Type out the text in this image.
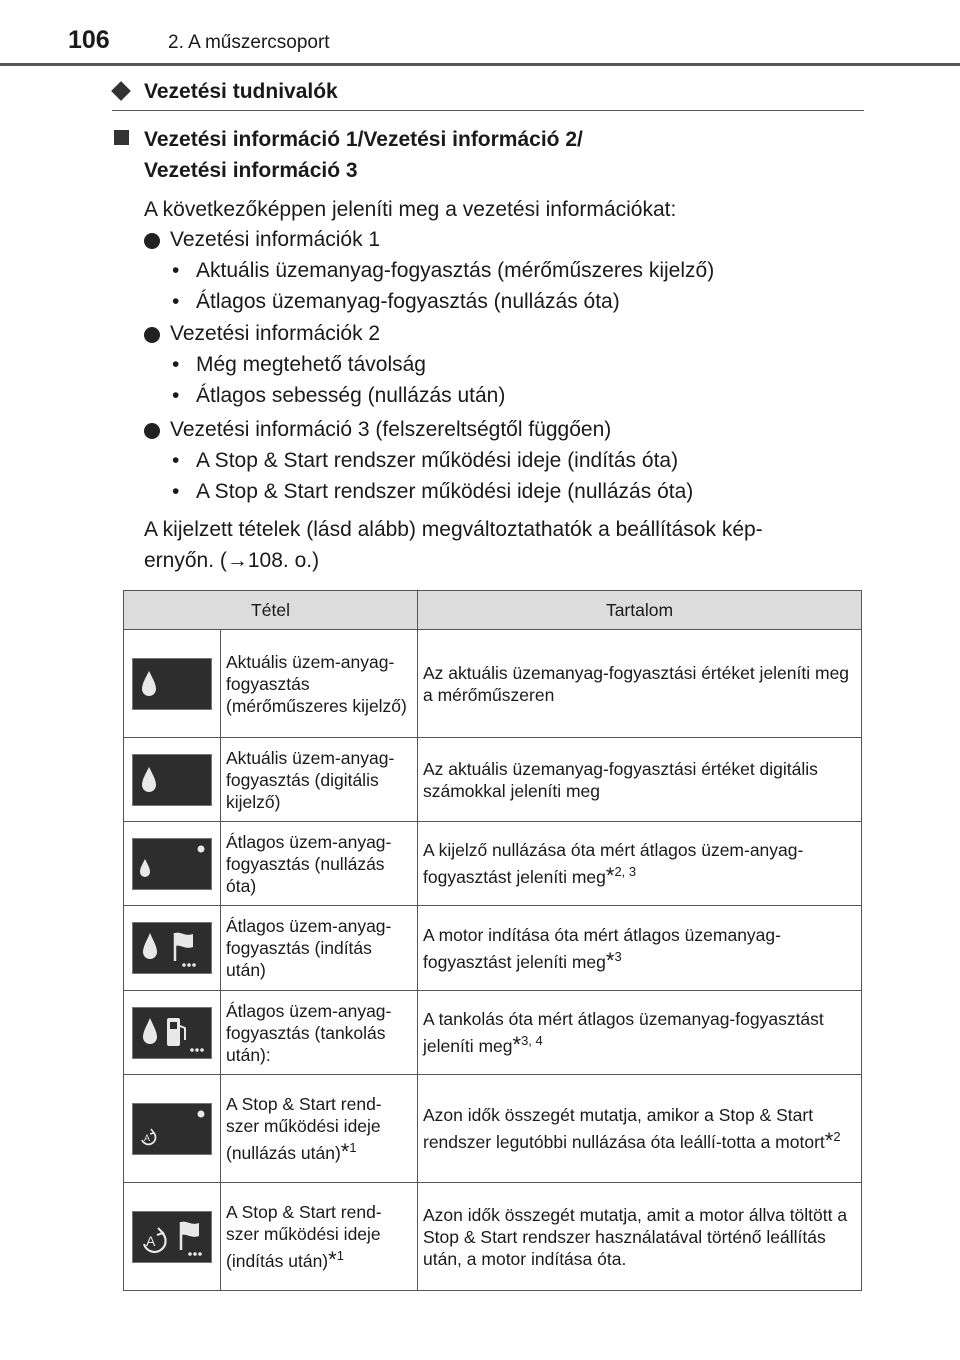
106	2. A műszercsoport
Vezetési tudnivalók
Vezetési információ 1/Vezetési információ 2/
Vezetési információ 3
A következőképpen jeleníti meg a vezetési információkat:
Vezetési információk 1
• Aktuális üzemanyag-fogyasztás (mérőműszeres kijelző)
• Átlagos üzemanyag-fogyasztás (nullázás óta)
Vezetési információk 2
• Még megtehető távolság
• Átlagos sebesség (nullázás után)
Vezetési információ 3 (felszereltségtől függően)
• A Stop & Start rendszer működési ideje (indítás óta)
• A Stop & Start rendszer működési ideje (nullázás óta)
A kijelzett tételek (lásd alább) megváltoztathatók a beállítások kép-
ernyőn. (→108. o.)
Tétel		Tartalom

	Aktuális üzem-anyag-fogyasztás (mérőműszeres kijelző)	Az aktuális üzemanyag-fogyasztási értéket jeleníti meg a mérőműszeren

	Aktuális üzem-anyag-fogyasztás (digitális kijelző)	Az aktuális üzemanyag-fogyasztási értéket digitális számokkal jeleníti meg

	Átlagos üzem-anyag-fogyasztás (nullázás óta)	A kijelző nullázása óta mért átlagos üzem-anyag-fogyasztást jeleníti meg*$^{2, 3}$

	Átlagos üzem-anyag-fogyasztás (indítás után)	A motor indítása óta mért átlagos üzemanyag-fogyasztást jeleníti meg*$^3$

	Átlagos üzem-anyag-fogyasztás (tankolás után):	A tankolás óta mért átlagos üzemanyag-fogyasztást jeleníti meg*$^{3, 4}$

A	A Stop & Start rend-szer működési ideje (nullázás után)*$^1$	Azon idők összegét mutatja, amikor a Stop & Start rendszer legutóbbi nullázása óta leállí-totta a motort*$^2$

A	A Stop & Start rend-szer működési ideje (indítás után)*$^1$	Azon idők összegét mutatja, amit a motor állva töltött a Stop & Start rendszer használatával történő leállítás után, a motor indítása óta.
